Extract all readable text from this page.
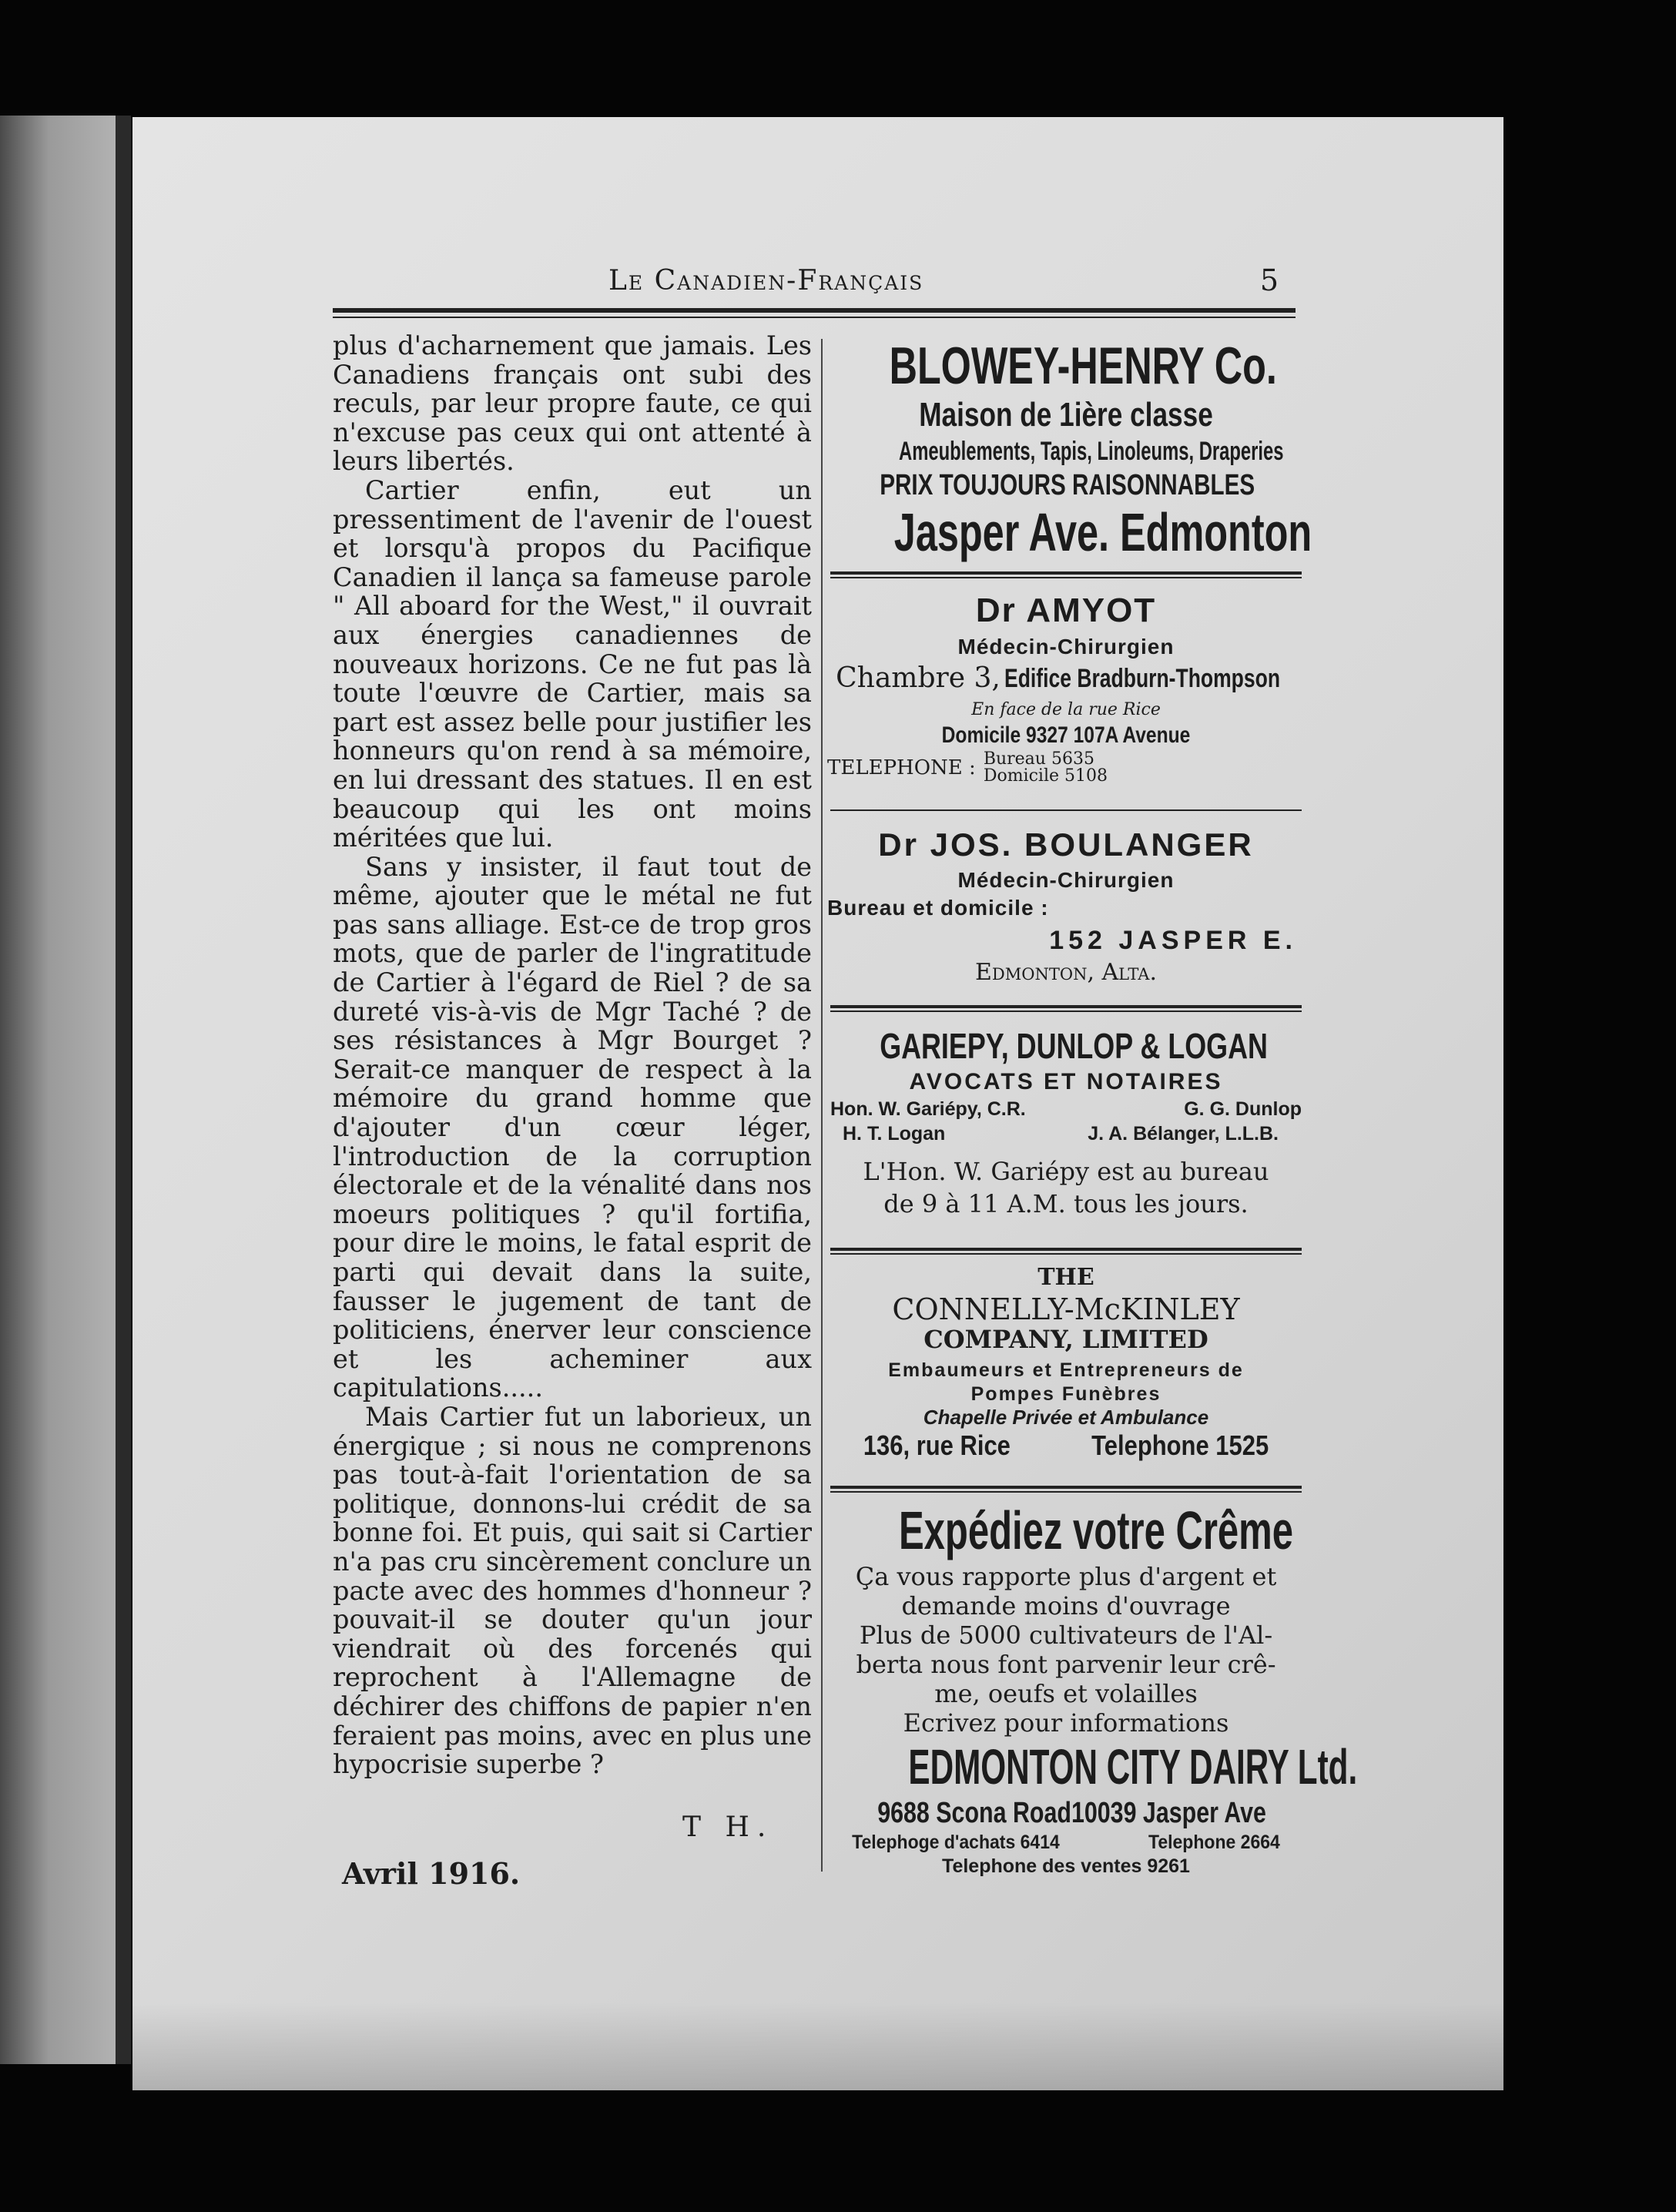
Le Canadien-Français	5

plus d'acharnement que jamais. Les Canadiens français ont subi des reculs, par leur propre faute, ce qui n'excuse pas ceux qui ont attenté à leurs libertés.

Cartier enfin, eut un pressentiment de l'avenir de l'ouest et lorsqu'à propos du Pacifique Canadien il lança sa fameuse parole " All aboard for the West," il ouvrait aux énergies canadiennes de nouveaux horizons. Ce ne fut pas là toute l'œuvre de Cartier, mais sa part est assez belle pour justifier les honneurs qu'on rend à sa mémoire, en lui dressant des statues. Il en est beaucoup qui les ont moins méritées que lui.

Sans y insister, il faut tout de même, ajouter que le métal ne fut pas sans alliage. Est-ce de trop gros mots, que de parler de l'ingratitude de Cartier à l'égard de Riel ? de sa dureté vis-à-vis de Mgr Taché ? de ses résistances à Mgr Bourget ? Serait-ce manquer de respect à la mémoire du grand homme que d'ajouter d'un cœur léger, l'introduction de la corruption électorale et de la vénalité dans nos moeurs politiques ? qu'il fortifia, pour dire le moins, le fatal esprit de parti qui devait dans la suite, fausser le jugement de tant de politiciens, énerver leur conscience et les acheminer aux capitulations.....

Mais Cartier fut un laborieux, un énergique ; si nous ne comprenons pas tout-à-fait l'orientation de sa politique, donnons-lui crédit de sa bonne foi. Et puis, qui sait si Cartier n'a pas cru sincèrement conclure un pacte avec des hommes d'honneur ? pouvait-il se douter qu'un jour viendrait où des forcenés qui reprochent à l'Allemagne de déchirer des chiffons de papier n'en feraient pas moins, avec en plus une hypocrisie superbe ?

T H.
Avril 1916.
BLOWEY-HENRY Co.
Maison de 1ière classe
Ameublements, Tapis, Linoleums, Draperies
PRIX TOUJOURS RAISONNABLES
Jasper Ave. Edmonton
Dr AMYOT
Médecin-Chirurgien
Chambre 3, Edifice Bradburn-Thompson
En face de la rue Rice
Domicile 9327 107A Avenue
TELEPHONE : Bureau 5635
Domicile 5108
Dr JOS. BOULANGER
Médecin-Chirurgien
Bureau et domicile :
152 JASPER E.
Edmonton, Alta.
GARIEPY, DUNLOP & LOGAN
AVOCATS ET NOTAIRES
Hon. W. Gariépy, C.R.	G. G. Dunlop
H. T. Logan	J. A. Bélanger, L.L.B.
L'Hon. W. Gariépy est au bureau
de 9 à 11 A.M. tous les jours.
THE
CONNELLY-McKINLEY
COMPANY, LIMITED
Embaumeurs et Entrepreneurs de
Pompes Funèbres
Chapelle Privée et Ambulance
136, rue Rice	Telephone 1525
Expédiez votre Crême
Ça vous rapporte plus d'argent et
demande moins d'ouvrage
Plus de 5000 cultivateurs de l'Al-
berta nous font parvenir leur crê-
me, oeufs et volailles
Ecrivez pour informations
EDMONTON CITY DAIRY Ltd.
9688 Scona Road 10039 Jasper Ave
Telephoge d'achats 6414	Telephone 2664
Telephone des ventes 9261
